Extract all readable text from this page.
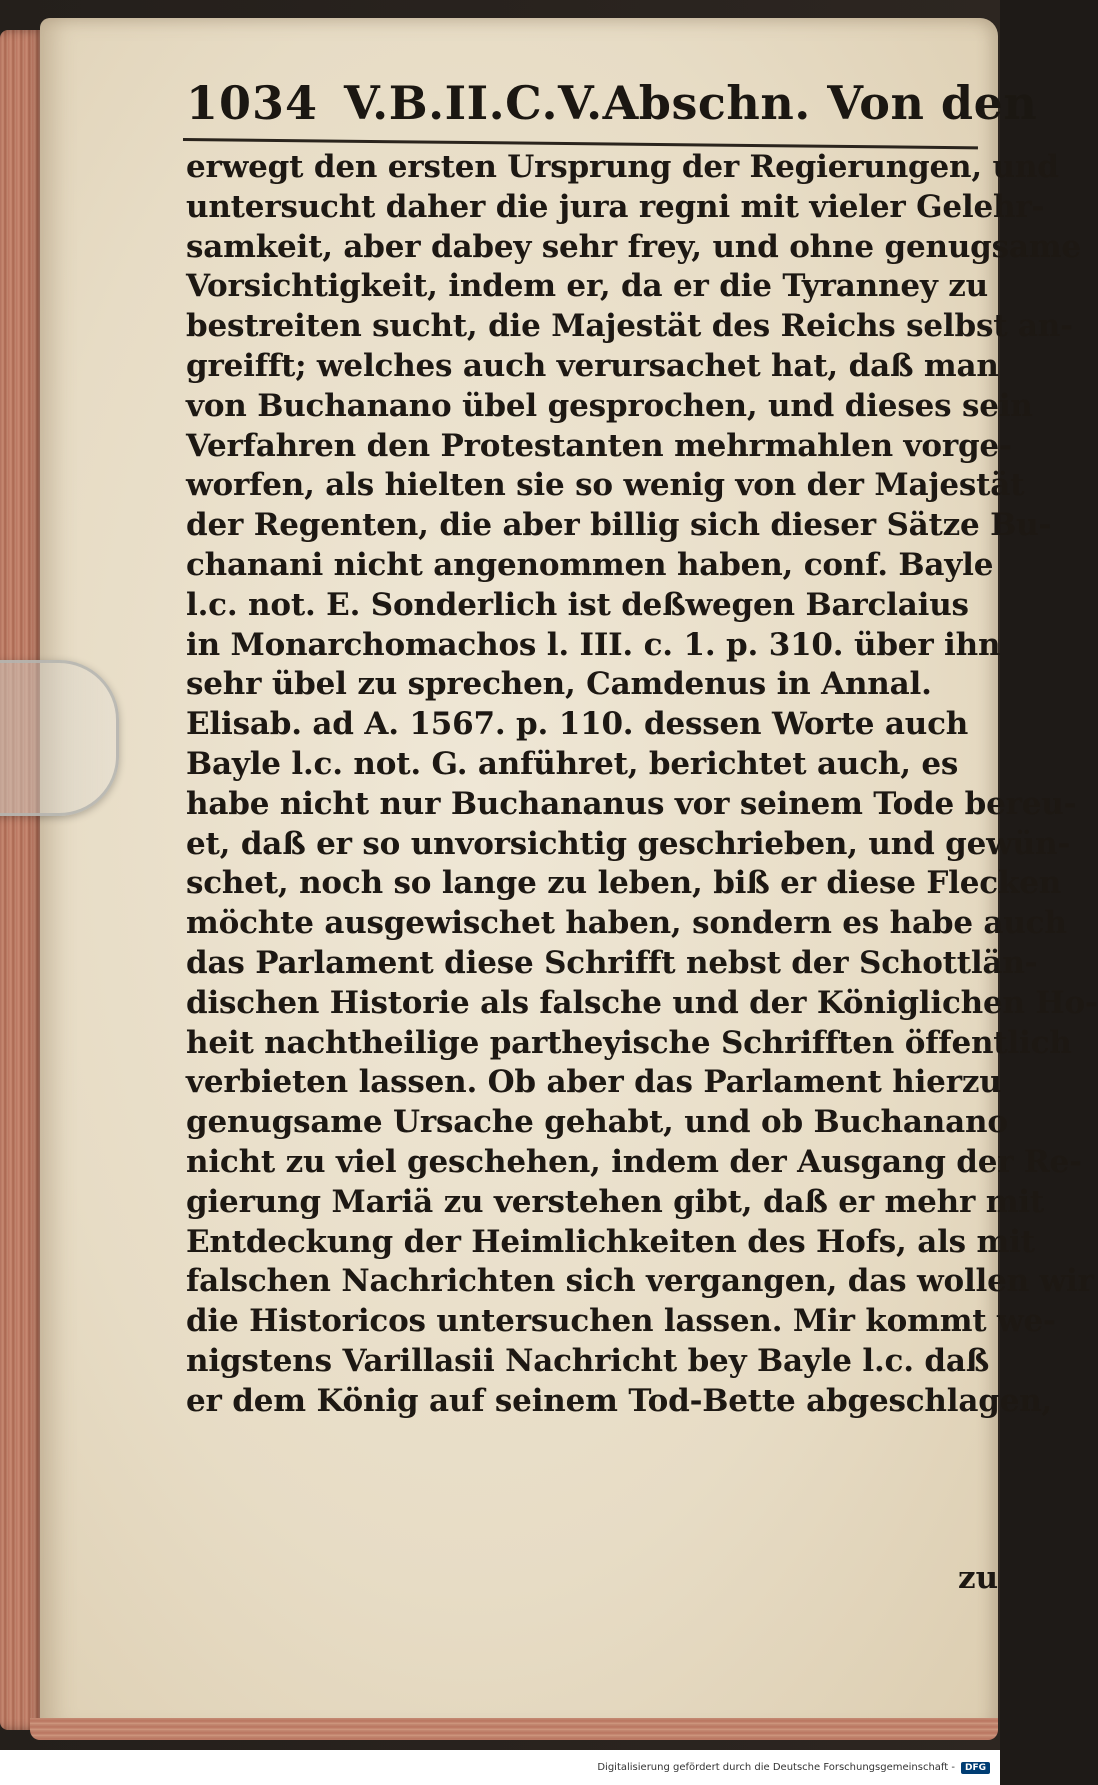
1034 V.B.II.C.V.Abschn. Von den
erwegt den ersten Ursprung der Regierungen, und
untersucht daher die jura regni mit vieler Gelehr-
samkeit, aber dabey sehr frey, und ohne genugsame
Vorsichtigkeit, indem er, da er die Tyranney zu
bestreiten sucht, die Majestät des Reichs selbst an-
greifft; welches auch verursachet hat, daß man
von Buchanano übel gesprochen, und dieses sein
Verfahren den Protestanten mehrmahlen vorge-
worfen, als hielten sie so wenig von der Majestät
der Regenten, die aber billig sich dieser Sätze Bu-
chanani nicht angenommen haben, conf. Bayle
l.c. not. E. Sonderlich ist deßwegen Barclaius
in Monarchomachos l. III. c. 1. p. 310. über ihn
sehr übel zu sprechen, Camdenus in Annal.
Elisab. ad A. 1567. p. 110. dessen Worte auch
Bayle l.c. not. G. anführet, berichtet auch, es
habe nicht nur Buchananus vor seinem Tode bereu-
et, daß er so unvorsichtig geschrieben, und gewün-
schet, noch so lange zu leben, biß er diese Flecken
möchte ausgewischet haben, sondern es habe auch
das Parlament diese Schrifft nebst der Schottlän-
dischen Historie als falsche und der Königlichen Ho-
heit nachtheilige partheyische Schrifften öffentlich
verbieten lassen. Ob aber das Parlament hierzu
genugsame Ursache gehabt, und ob Buchanano
nicht zu viel geschehen, indem der Ausgang der Re-
gierung Mariä zu verstehen gibt, daß er mehr mit
Entdeckung der Heimlichkeiten des Hofs, als mit
falschen Nachrichten sich vergangen, das wollen wir
die Historicos untersuchen lassen. Mir kommt we-
nigstens Varillasii Nachricht bey Bayle l.c. daß
er dem König auf seinem Tod-Bette abgeschlagen,
zu
Digitalisierung gefördert durch die Deutsche Forschungsgemeinschaft -	DFG
